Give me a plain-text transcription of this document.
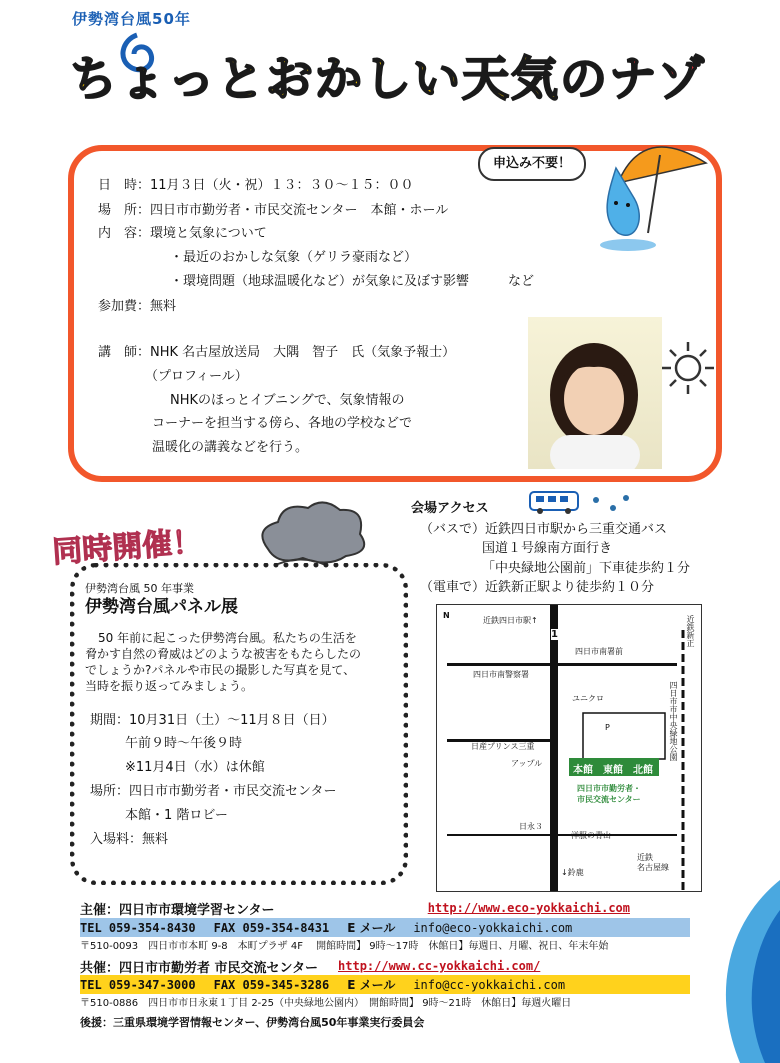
伊勢湾台風50年
ちょっとおかしい天気のナゾ
申込み不要！
日　時：11月３日（火・祝）１３：３０～１５：００
場　所：四日市市勤労者・市民交流センター　本館・ホール
内　容：環境と気象について
・最近のおかしな気象（ゲリラ豪雨など）
・環境問題（地球温暖化など）が気象に及ぼす影響　　　など
参加費：無料
講　師：NHK 名古屋放送局　大隅　智子　氏（気象予報士）
（プロフィール）
NHKのほっとイブニングで、気象情報の
コーナーを担当する傍ら、各地の学校などで
温暖化の講義などを行う。
同時開催！
伊勢湾台風 50 年事業
伊勢湾台風パネル展
50 年前に起こった伊勢湾台風。私たちの生活を
脅かす自然の脅威はどのような被害をもたらしたの
でしょうか?パネルや市民の撮影した写真を見て、
当時を振り返ってみましょう。
期間：10月31日（土）～11月８日（日）
午前９時～午後９時
※11月4日（水）は休館
場所：四日市市勤労者・市民交流センター
本館・1 階ロビー
入場料：無料
会場アクセス
（バスで）近鉄四日市駅から三重交通バス
国道１号線南方面行き
「中央緑地公園前」下車徒歩約１分
（電車で）近鉄新正駅より徒歩約１０分
N
近鉄四日市駅↑	近鉄新正
1
四日市南署前
四日市南警察署
ユニクロ
日産プリンス三重
アップル
四日市市中央緑地公園
P
本館 東館 北館
四日市市勤労者・
市民交流センター
日永３
洋服の青山
↓鈴鹿
近鉄
名古屋線
主催：四日市市環境学習センター	http://www.eco-yokkaichi.com
TEL 059-354-8430 FAX 059-354-8431 E メール info@eco-yokkaichi.com
〒510-0093　四日市市本町 9-8　本町プラザ 4F　 開館時間】 9時～17時　休館日】毎週日、月曜、祝日、年末年始
共催：四日市市勤労者 市民交流センター http://www.cc-yokkaichi.com/
TEL 059-347-3000 FAX 059-345-3286 E メール info@cc-yokkaichi.com
〒510-0886　四日市市日永東１丁目 2-25（中央緑地公園内）　開館時間】 9時～21時　休館日】毎週火曜日
後援：三重県環境学習情報センター、伊勢湾台風50年事業実行委員会
